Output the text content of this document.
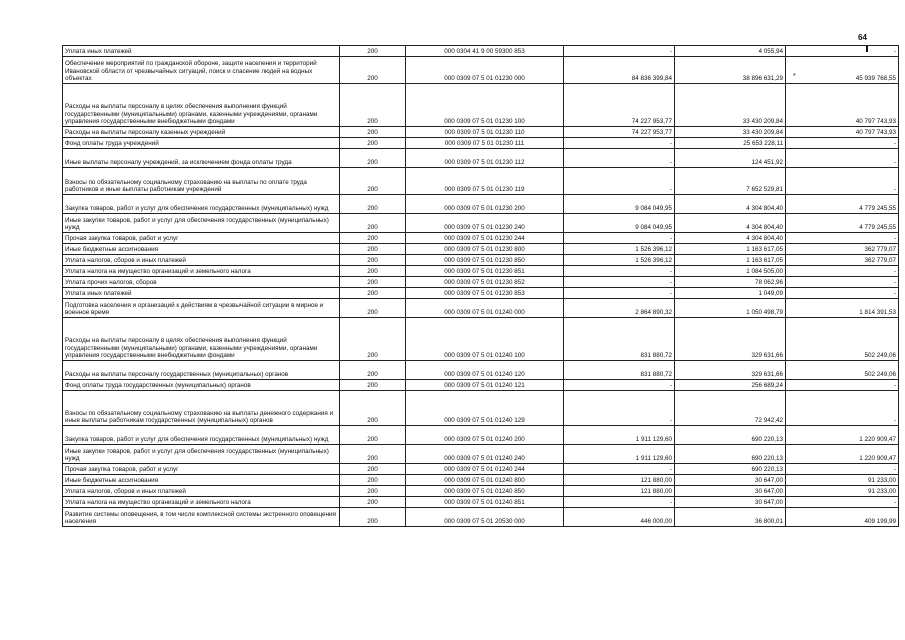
64
*
Уплата иных платежей	200	000 0304 41 9 00 59300 853	-	4 055,94	-
Обеспечение мероприятий по гражданской обороне, защите населения и территорий Ивановской области от чрезвычайных ситуаций, поиск и спасение людей на водных объектах	200	000 0309 07 5 01 01230 000	84 836 399,84	38 896 631,29	45 939 768,55
Расходы на выплаты персоналу в целях обеспечения выполнения функций государственными (муниципальными) органами, казенными учреждениями, органами управления государственными внебюджетными фондами	200	000 0309 07 5 01 01230 100	74 227 953,77	33 430 209,84	40 797 743,93
Расходы на выплаты персоналу казенных учреждений	200	000 0309 07 5 01 01230 110	74 227 953,77	33 430 209,84	40 797 743,93
Фонд оплаты труда учреждений	200	000 0309 07 5 01 01230 111	-	25 653 228,11	-
Иные выплаты персоналу учреждений, за исключением фонда оплаты труда	200	000 0309 07 5 01 01230 112	-	124 451,92	-
Взносы по обязательному социальному страхованию на выплаты по оплате труда работников и иные выплаты работникам учреждений	200	000 0309 07 5 01 01230 119	-	7 652 529,81	-
Закупка товаров, работ и услуг для обеспечения государственных (муниципальных) нужд	200	000 0309 07 5 01 01230 200	9 084 049,95	4 304 804,40	4 779 245,55
Иные закупки товаров, работ и услуг для обеспечения государственных (муниципальных) нужд	200	000 0309 07 5 01 01230 240	9 084 049,95	4 304 804,40	4 779 245,55
Прочая закупка товаров, работ и услуг	200	000 0309 07 5 01 01230 244	-	4 304 804,40	-
Иные бюджетные ассигнования	200	000 0309 07 5 01 01230 800	1 526 396,12	1 163 617,05	362 779,07
Уплата налогов, сборов и иных платежей	200	000 0309 07 5 01 01230 850	1 526 396,12	1 163 617,05	362 779,07
Уплата налога на имущество организаций и земельного налога	200	000 0309 07 5 01 01230 851	-	1 084 505,00	-
Уплата прочих налогов, сборов	200	000 0309 07 5 01 01230 852	-	78 062,96	-
Уплата иных платежей	200	000 0309 07 5 01 01230 853	-	1 049,09	-
Подготовка населения и организаций к действиям в чрезвычайной ситуации в мирное и военное время	200	000 0309 07 5 01 01240 000	2 864 890,32	1 050 498,79	1 814 391,53
Расходы на выплаты персоналу в целях обеспечения выполнения функций государственными (муниципальными) органами, казенными учреждениями, органами управления государственными внебюджетными фондами	200	000 0309 07 5 01 01240 100	831 880,72	329 631,66	502 249,06
Расходы на выплаты персоналу государственных (муниципальных) органов	200	000 0309 07 5 01 01240 120	831 880,72	329 631,66	502 249,06
Фонд оплаты труда государственных (муниципальных) органов	200	000 0309 07 5 01 01240 121	-	256 689,24	-
Взносы по обязательному социальному страхованию на выплаты денежного содержания и иные выплаты работникам государственных (муниципальных) органов	200	000 0309 07 5 01 01240 129	-	72 942,42	-
Закупка товаров, работ и услуг для обеспечения государственных (муниципальных) нужд	200	000 0309 07 5 01 01240 200	1 911 129,60	690 220,13	1 220 909,47
Иные закупки товаров, работ и услуг для обеспечения государственных (муниципальных) нужд	200	000 0309 07 5 01 01240 240	1 911 129,60	690 220,13	1 220 909,47
Прочая закупка товаров, работ и услуг	200	000 0309 07 5 01 01240 244	-	690 220,13	-
Иные бюджетные ассигнования	200	000 0309 07 5 01 01240 800	121 880,00	30 647,00	91 233,00
Уплата налогов, сборов и иных платежей	200	000 0309 07 5 01 01240 850	121 880,00	30 647,00	91 233,00
Уплата налога на имущество организаций и земельного налога	200	000 0309 07 5 01 01240 851	-	30 647,00	-
Развитие системы оповещения, в том числе комплексной системы экстренного оповещения населения	200	000 0309 07 5 01 20530 000	446 000,00	36 800,01	409 199,99
